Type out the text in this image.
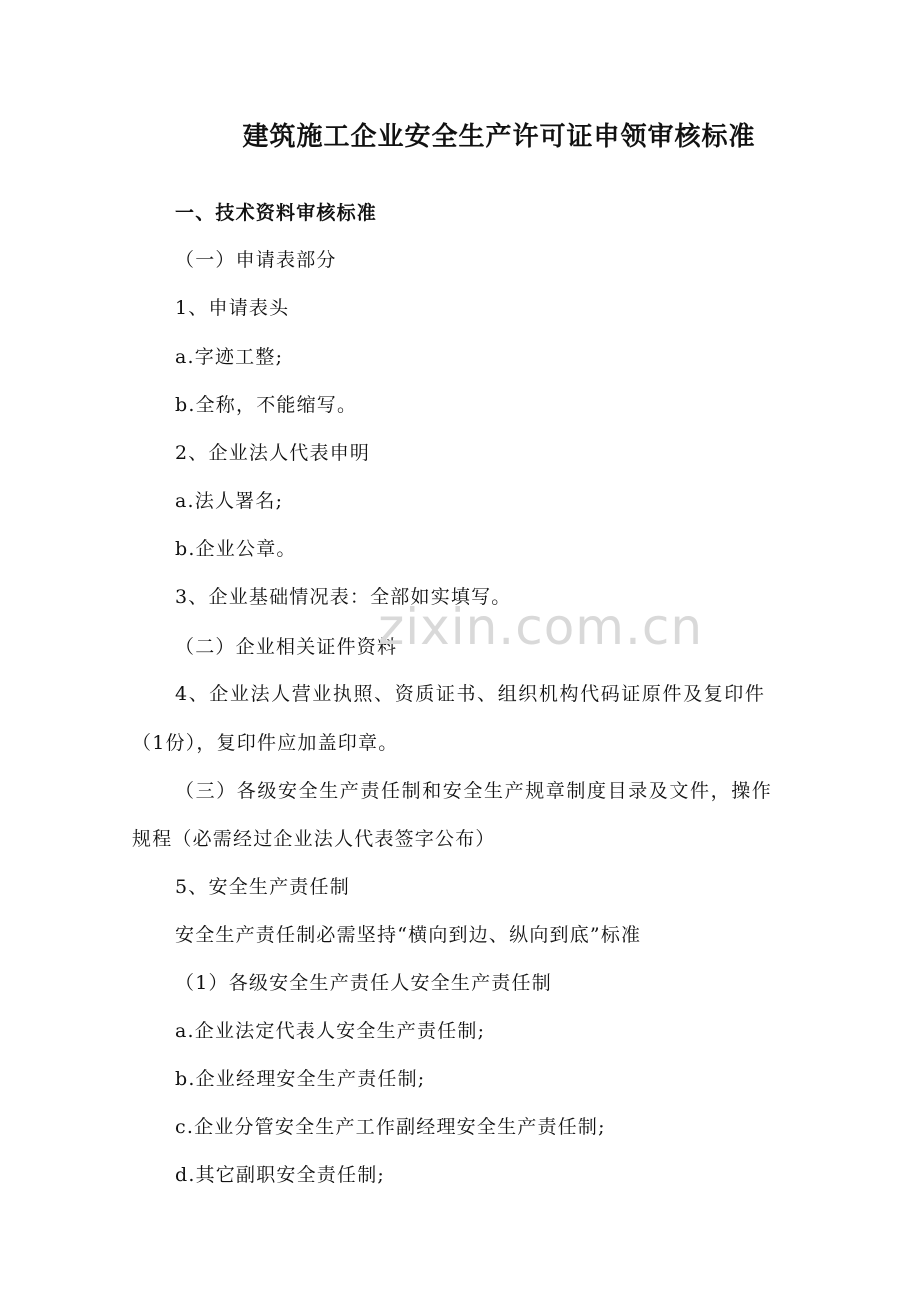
建筑施工企业安全生产许可证申领审核标准
一、技术资料审核标准
（一）申请表部分
1、申请表头
a.字迹工整;
b.全称，不能缩写。
2、企业法人代表申明
a.法人署名;
b.企业公章。
3、企业基础情况表：全部如实填写。
（二）企业相关证件资料
4、企业法人营业执照、资质证书、组织机构代码证原件及复印件
（1份），复印件应加盖印章。
（三）各级安全生产责任制和安全生产规章制度目录及文件，操作
规程（必需经过企业法人代表签字公布）
5、安全生产责任制
安全生产责任制必需坚持“横向到边、纵向到底”标准
（1）各级安全生产责任人安全生产责任制
a.企业法定代表人安全生产责任制;
b.企业经理安全生产责任制;
c.企业分管安全生产工作副经理安全生产责任制;
d.其它副职安全责任制;
zixin.com.cn
